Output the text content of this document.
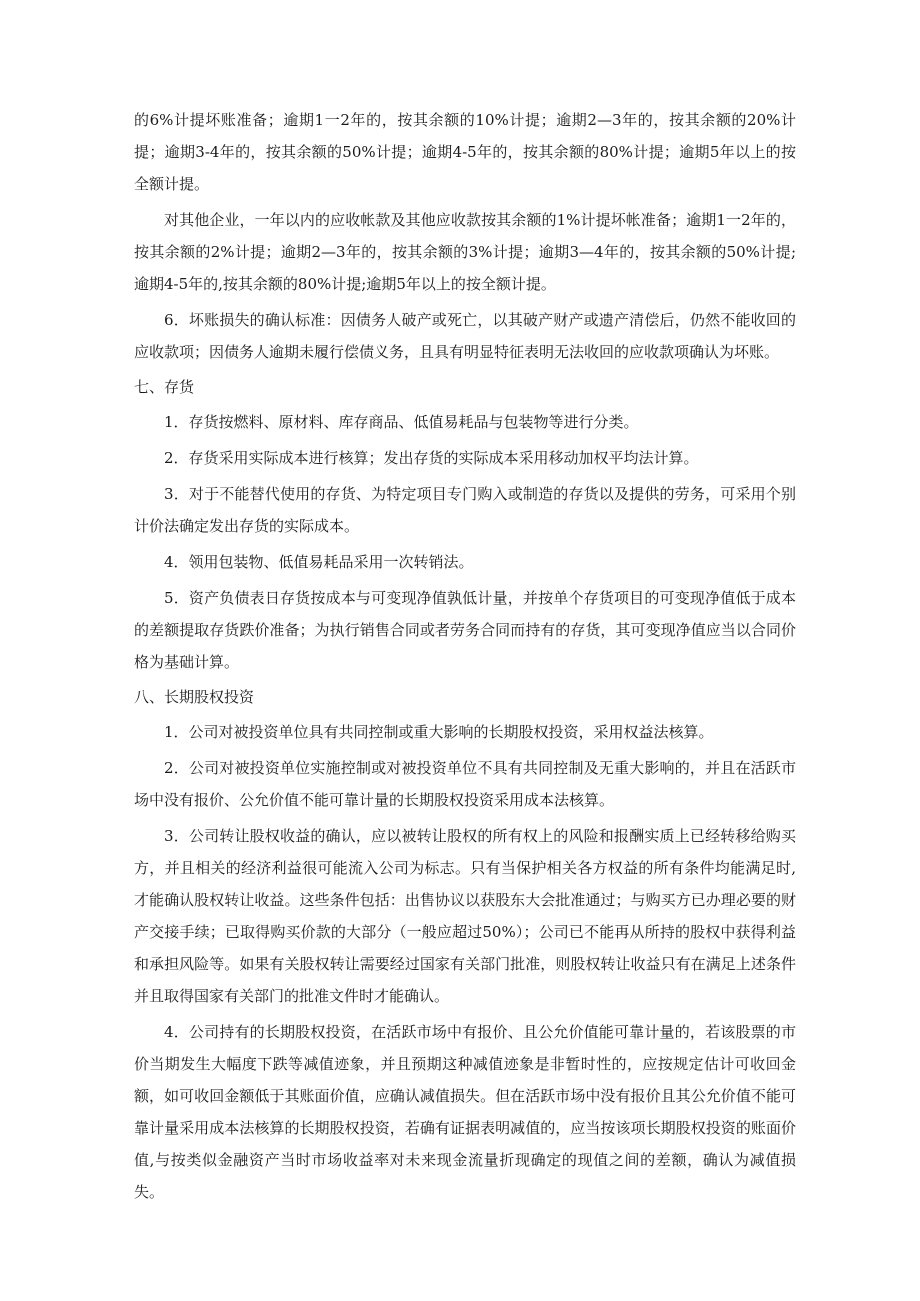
的6%计提坏账准备；逾期1一2年的，按其余额的10%计提；逾期2—3年的，按其余额的20%计提；逾期3-4年的，按其余额的50%计提；逾期4-5年的，按其余额的80%计提；逾期5年以上的按全额计提。

对其他企业，一年以内的应收帐款及其他应收款按其余额的1%计提坏帐准备；逾期1一2年的，按其余额的2%计提；逾期2—3年的，按其余额的3%计提；逾期3—4年的，按其余额的50%计提;逾期4-5年的,按其余额的80%计提;逾期5年以上的按全额计提。

6．坏账损失的确认标准：因债务人破产或死亡，以其破产财产或遗产清偿后，仍然不能收回的应收款项；因债务人逾期未履行偿债义务，且具有明显特征表明无法收回的应收款项确认为坏账。

七、存货

1．存货按燃料、原材料、库存商品、低值易耗品与包装物等进行分类。

2．存货采用实际成本进行核算；发出存货的实际成本采用移动加权平均法计算。

3．对于不能替代使用的存货、为特定项目专门购入或制造的存货以及提供的劳务，可采用个别计价法确定发出存货的实际成本。

4．领用包装物、低值易耗品采用一次转销法。

5．资产负债表日存货按成本与可变现净值孰低计量，并按单个存货项目的可变现净值低于成本的差额提取存货跌价准备；为执行销售合同或者劳务合同而持有的存货，其可变现净值应当以合同价格为基础计算。

八、长期股权投资

1．公司对被投资单位具有共同控制或重大影响的长期股权投资，采用权益法核算。

2．公司对被投资单位实施控制或对被投资单位不具有共同控制及无重大影响的，并且在活跃市场中没有报价、公允价值不能可靠计量的长期股权投资采用成本法核算。

3．公司转让股权收益的确认，应以被转让股权的所有权上的风险和报酬实质上已经转移给购买方，并且相关的经济利益很可能流入公司为标志。只有当保护相关各方权益的所有条件均能满足时,才能确认股权转让收益。这些条件包括：出售协议以获股东大会批准通过；与购买方已办理必要的财产交接手续；已取得购买价款的大部分（一般应超过50%）；公司已不能再从所持的股权中获得利益和承担风险等。如果有关股权转让需要经过国家有关部门批准，则股权转让收益只有在满足上述条件并且取得国家有关部门的批准文件时才能确认。

4．公司持有的长期股权投资，在活跃市场中有报价、且公允价值能可靠计量的，若该股票的市价当期发生大幅度下跌等减值迹象，并且预期这种减值迹象是非暂时性的，应按规定估计可收回金额，如可收回金额低于其账面价值，应确认减值损失。但在活跃市场中没有报价且其公允价值不能可靠计量采用成本法核算的长期股权投资，若确有证据表明减值的，应当按该项长期股权投资的账面价值,与按类似金融资产当时市场收益率对未来现金流量折现确定的现值之间的差额，确认为减值损失。
